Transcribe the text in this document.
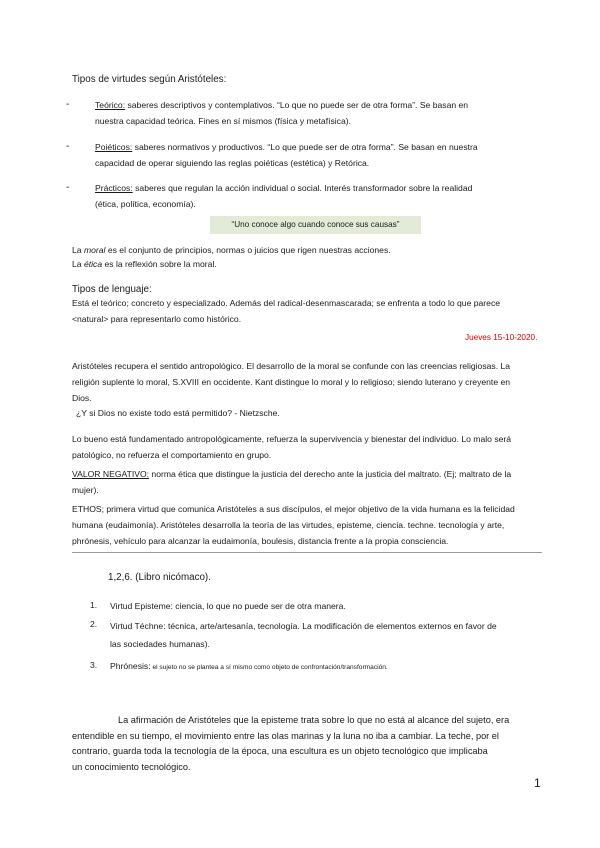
Tipos de virtudes según Aristóteles:
-	Teórico: saberes descriptivos y contemplativos. “Lo que no puede ser de otra forma”. Se basan en
nuestra capacidad teórica. Fines en sí mismos (física y metafísica).
-	Poiéticos: saberes normativos y productivos. “Lo que puede ser de otra forma”. Se basan en nuestra
capacidad de operar siguiendo las reglas poiéticas (estética) y Retórica.
-	Prácticos: saberes que regulan la acción individual o social. Interés transformador sobre la realidad
(ética, política, economía).
“Uno conoce algo cuando conoce sus causas”
La moral es el conjunto de principios, normas o juicios que rigen nuestras acciones.
La ética es la reflexión sobre la moral.
Tipos de lenguaje:
Está el teórico; concreto y especializado. Además del radical-desenmascarada; se enfrenta a todo lo que parece
<natural> para representarlo como histórico.
Jueves 15-10-2020.
Aristóteles recupera el sentido antropológico. El desarrollo de la moral se confunde con las creencias religiosas. La
religión suplente lo moral, S.XVIII en occidente. Kant distingue lo moral y lo religioso; siendo luterano y creyente en
Dios.
¿Y si Dios no existe todo está permitido? - Nietzsche.
Lo bueno está fundamentado antropológicamente, refuerza la supervivencia y bienestar del individuo. Lo malo será
patológico, no refuerza el comportamiento en grupo.
VALOR NEGATIVO: norma ética que distingue la justicia del derecho ante la justicia del maltrato. (Ej; maltrato de la
mujer).
ETHOS; primera virtud que comunica Aristóteles a sus discípulos, el mejor objetivo de la vida humana es la felicidad
humana (eudaimonía). Aristóteles desarrolla la teoría de las virtudes, episteme, ciencia. techne. tecnología y arte,
phrónesis, vehículo para alcanzar la eudaimonía, boulesis, distancia frente a la propia consciencia.
1,2,6. (Libro nicómaco).
1. Virtud Episteme: ciencia, lo que no puede ser de otra manera.
2. Virtud Téchne: técnica, arte/artesanía, tecnología. La modificación de elementos externos en favor de
las sociedades humanas).
3. Phrónesis: el sujeto no se plantea a sí mismo como objeto de confrontación/transformación.
La afirmación de Aristóteles que la episteme trata sobre lo que no está al alcance del sujeto, era
entendible en su tiempo, el movimiento entre las olas marinas y la luna no iba a cambiar. La teche, por el
contrario, guarda toda la tecnología de la época, una escultura es un objeto tecnológico que implicaba
un conocimiento tecnológico.
1
